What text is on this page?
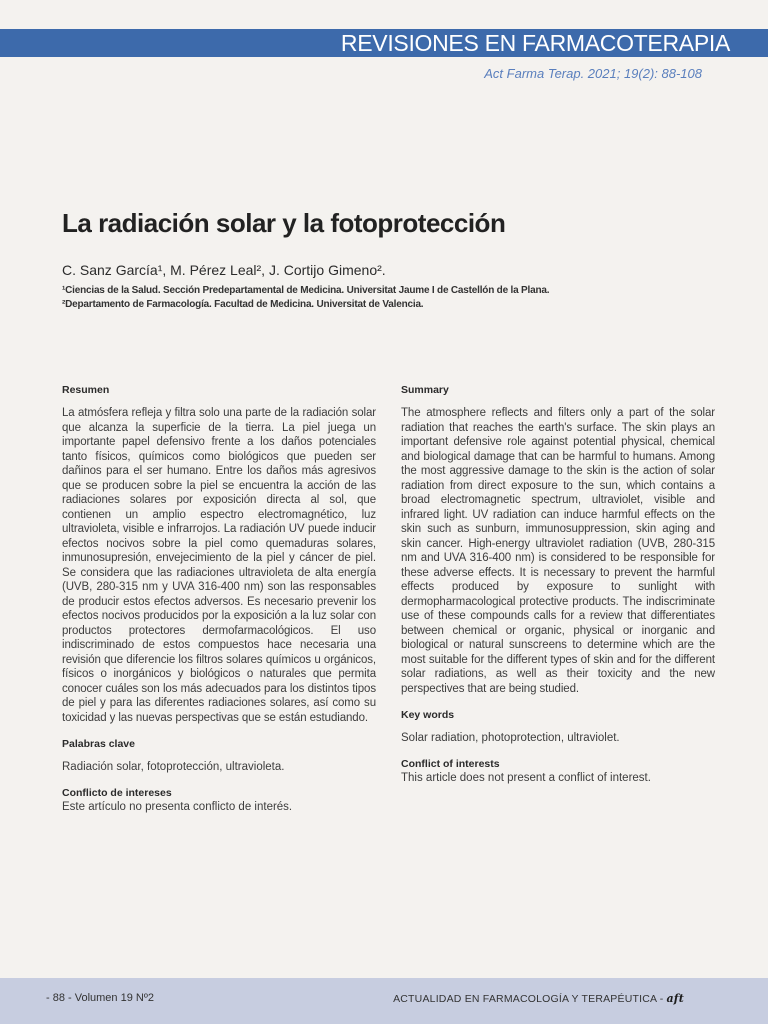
REVISIONES EN FARMACOTERAPIA
Act Farma Terap. 2021; 19(2): 88-108
La radiación solar y la fotoprotección
C. Sanz García¹, M. Pérez Leal², J. Cortijo Gimeno².
¹Ciencias de la Salud. Sección Predepartamental de Medicina. Universitat Jaume I de Castellón de la Plana.
²Departamento de Farmacología. Facultad de Medicina. Universitat de Valencia.
Resumen

La atmósfera refleja y filtra solo una parte de la radiación solar que alcanza la superficie de la tierra. La piel juega un importante papel defensivo frente a los daños potenciales tanto físicos, químicos como biológicos que pueden ser dañinos para el ser humano. Entre los daños más agresivos que se producen sobre la piel se encuentra la acción de las radiaciones solares por exposición directa al sol, que contienen un amplio espectro electromagnético, luz ultravioleta, visible e infrarrojos. La radiación UV puede inducir efectos nocivos sobre la piel como quemaduras solares, inmunosupresión, envejecimiento de la piel y cáncer de piel. Se considera que las radiaciones ultravioleta de alta energía (UVB, 280-315 nm y UVA 316-400 nm) son las responsables de producir estos efectos adversos. Es necesario prevenir los efectos nocivos producidos por la exposición a la luz solar con productos protectores dermofarmacológicos. El uso indiscriminado de estos compuestos hace necesaria una revisión que diferencie los filtros solares químicos u orgánicos, físicos o inorgánicos y biológicos o naturales que permita conocer cuáles son los más adecuados para los distintos tipos de piel y para las diferentes radiaciones solares, así como su toxicidad y las nuevas perspectivas que se están estudiando.

Palabras clave

Radiación solar, fotoprotección, ultravioleta.

Conflicto de intereses

Este artículo no presenta conflicto de interés.

Summary

The atmosphere reflects and filters only a part of the solar radiation that reaches the earth's surface. The skin plays an important defensive role against potential physical, chemical and biological damage that can be harmful to humans. Among the most aggressive damage to the skin is the action of solar radiation from direct exposure to the sun, which contains a broad electromagnetic spectrum, ultraviolet, visible and infrared light. UV radiation can induce harmful effects on the skin such as sunburn, immunosuppression, skin aging and skin cancer. High-energy ultraviolet radiation (UVB, 280-315 nm and UVA 316-400 nm) is considered to be responsible for these adverse effects. It is necessary to prevent the harmful effects produced by exposure to sunlight with dermopharmacological protective products. The indiscriminate use of these compounds calls for a review that differentiates between chemical or organic, physical or inorganic and biological or natural sunscreens to determine which are the most suitable for the different types of skin and for the different solar radiations, as well as their toxicity and the new perspectives that are being studied.

Key words

Solar radiation, photoprotection, ultraviolet.

Conflict of interests

This article does not present a conflict of interest.

- 88 - Volumen 19 Nº2	ACTUALIDAD EN FARMACOLOGÍA Y TERAPÉUTICA - aft
